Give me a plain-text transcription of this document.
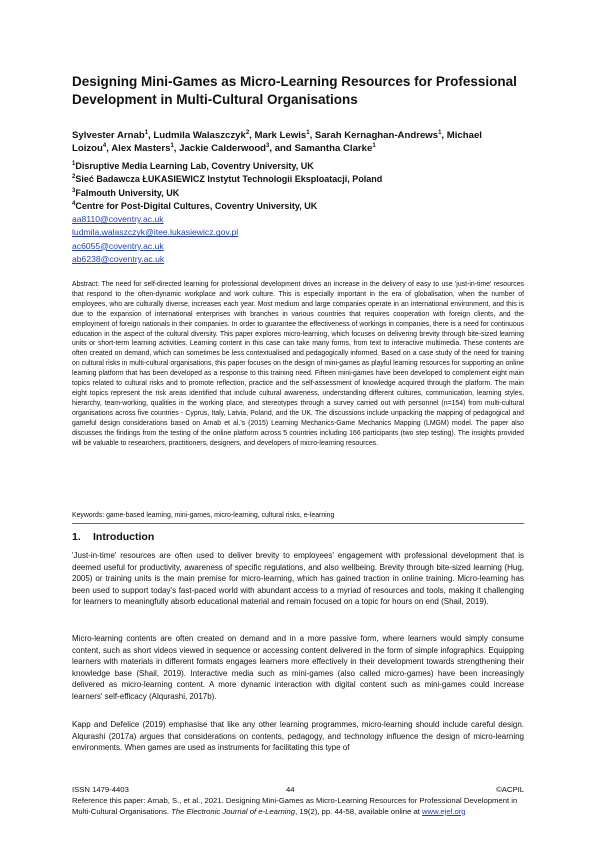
Designing Mini-Games as Micro-Learning Resources for Professional Development in Multi-Cultural Organisations
Sylvester Arnab$^1$, Ludmila Walaszczyk$^2$, Mark Lewis$^1$, Sarah Kernaghan-Andrews$^1$, Michael Loizou$^4$, Alex Masters$^1$, Jackie Calderwood$^3$, and Samantha Clarke$^1$
$^1$Disruptive Media Learning Lab, Coventry University, UK
$^2$Sieć Badawcza ŁUKASIEWICZ Instytut Technologii Eksploatacji, Poland
$^3$Falmouth University, UK
$^4$Centre for Post-Digital Cultures, Coventry University, UK
aa8110@coventry.ac.uk
ludmila.walaszczyk@itee.lukasiewicz.gov.pl
ac6055@coventry.ac.uk
ab6238@coventry.ac.uk

Abstract: The need for self-directed learning for professional development drives an increase in the delivery of easy to use 'just-in-time' resources that respond to the often-dynamic workplace and work culture. This is especially important in the era of globalisation, when the number of employees, who are culturally diverse, increases each year. Most medium and large companies operate in an international environment, and this is due to the expansion of international enterprises with branches in various countries that requires cooperation with foreign clients, and the employment of foreign nationals in their companies. In order to guarantee the effectiveness of workings in companies, there is a need for continuous education in the aspect of the cultural diversity. This paper explores micro-learning, which focuses on delivering brevity through bite-sized learning units or short-term learning activities. Learning content in this case can take many forms, from text to interactive multimedia. These contents are often created on demand, which can sometimes be less contextualised and pedagogically informed. Based on a case study of the need for training on cultural risks in multi-cultural organisations, this paper focuses on the design of mini-games as playful learning resources for supporting an online learning platform that has been developed as a response to this training need. Fifteen mini-games have been developed to complement eight main topics related to cultural risks and to promote reflection, practice and the self-assessment of knowledge acquired through the platform. The main eight topics represent the risk areas identified that include cultural awareness, understanding different cultures, communication, learning styles, hierarchy, team-working, qualities in the working place, and stereotypes through a survey carried out with personnel (n=154) from multi-cultural organisations across five countries - Cyprus, Italy, Latvia, Poland, and the UK. The discussions include unpacking the mapping of pedagogical and gameful design considerations based on Arnab et al.'s (2015) Learning Mechanics-Game Mechanics Mapping (LMGM) model. The paper also discusses the findings from the testing of the online platform across 5 countries including 166 participants (two step testing). The insights provided will be valuable to researchers, practitioners, designers, and developers of micro-learning resources.

Keywords: game-based learning, mini-games, micro-learning, cultural risks, e-learning
1. Introduction

'Just-in-time' resources are often used to deliver brevity to employees' engagement with professional development that is deemed useful for productivity, awareness of specific regulations, and also wellbeing. Brevity through bite-sized learning (Hug, 2005) or training units is the main premise for micro-learning, which has gained traction in online training. Micro-learning has been used to support today's fast-paced world with abundant access to a myriad of resources and tools, making it challenging for learners to meaningfully absorb educational material and remain focused on a topic for hours on end (Shail, 2019).

Micro-learning contents are often created on demand and in a more passive form, where learners would simply consume content, such as short videos viewed in sequence or accessing content delivered in the form of simple infographics. Equipping learners with materials in different formats engages learners more effectively in their development towards strengthening their knowledge base (Shail, 2019). Interactive media such as mini-games (also called micro-games) have been increasingly delivered as micro-learning content. A more dynamic interaction with digital content such as mini-games could increase learners' self-efficacy (Alqurashi, 2017b).

Kapp and Defelice (2019) emphasise that like any other learning programmes, micro-learning should include careful design. Alqurashi (2017a) argues that considerations on contents, pedagogy, and technology influence the design of micro-learning environments. When games are used as instruments for facilitating this type of

ISSN 1479-4403	44	©ACPIL
Reference this paper: Arnab, S., et al., 2021. Designing Mini-Games as Micro-Learning Resources for Professional Development in Multi-Cultural Organisations. The Electronic Journal of e-Learning, 19(2), pp. 44-58, available online at www.ejel.org
